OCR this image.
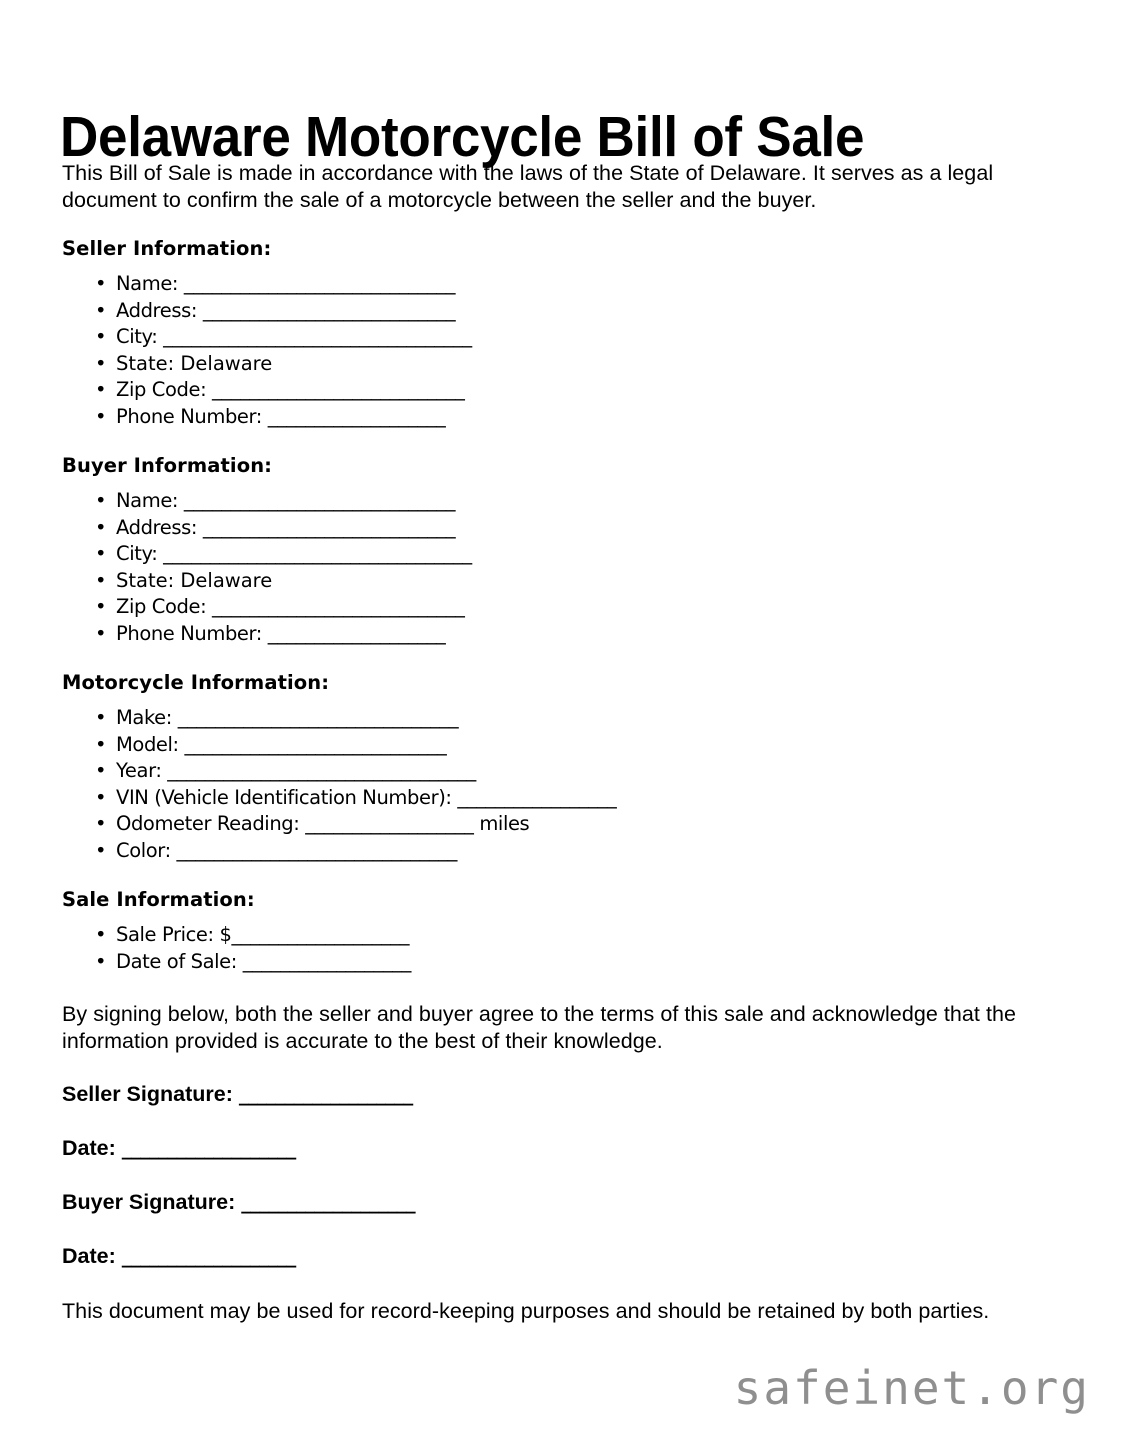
Delaware Motorcycle Bill of Sale

This Bill of Sale is made in accordance with the laws of the State of Delaware. It serves as a legal document to confirm the sale of a motorcycle between the seller and the buyer.

Seller Information:
• Name: _____________________________
• Address: ___________________________
• City: _________________________________
• State: Delaware
• Zip Code: ___________________________
• Phone Number: ___________________
Buyer Information:
• Name: _____________________________
• Address: ___________________________
• City: _________________________________
• State: Delaware
• Zip Code: ___________________________
• Phone Number: ___________________
Motorcycle Information:
• Make: ______________________________
• Model: ____________________________
• Year: _________________________________
• VIN (Vehicle Identification Number): _________________
• Odometer Reading: __________________ miles
• Color: ______________________________
Sale Information:
• Sale Price: $___________________
• Date of Sale: __________________

By signing below, both the seller and buyer agree to the terms of this sale and acknowledge that the information provided is accurate to the best of their knowledge.

Seller Signature: ___________________
Date: ___________________
Buyer Signature: ___________________
Date: ___________________

This document may be used for record-keeping purposes and should be retained by both parties.

safeinet.org
